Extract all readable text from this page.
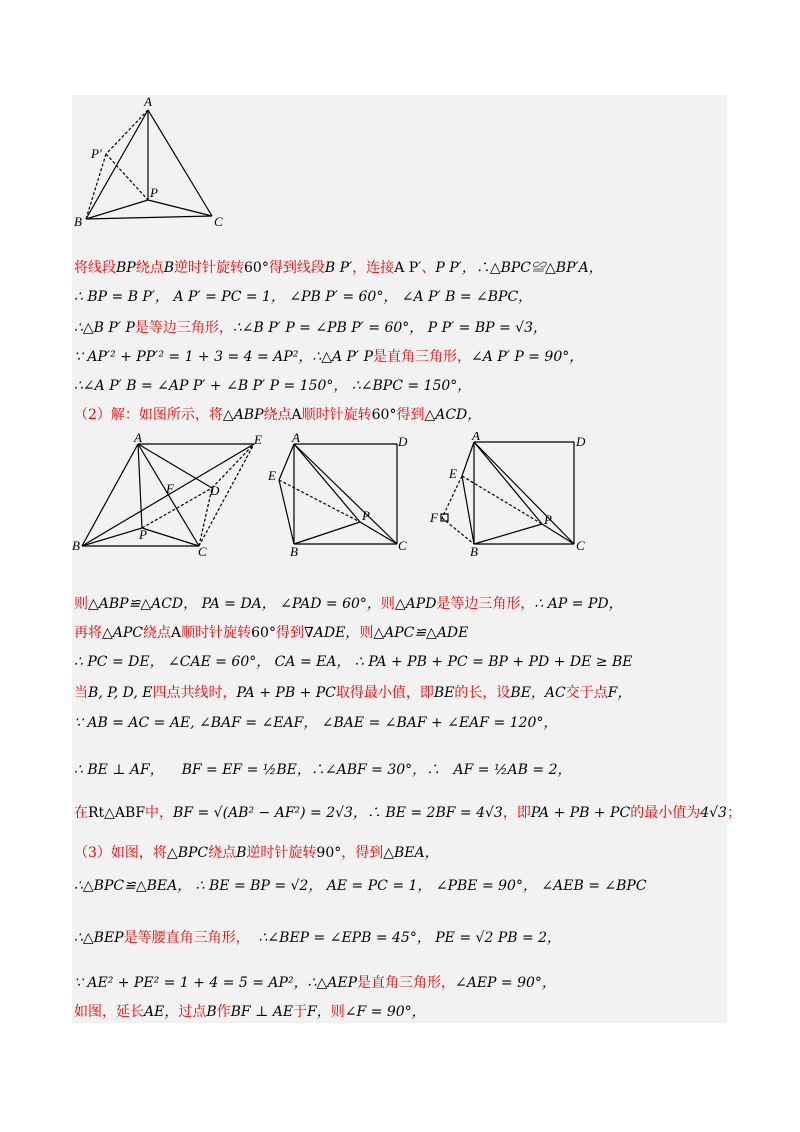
A
P'
P
B	C
将线段BP绕点B逆时针旋转60°得到线段B P′，连接A P′、P P′，∴△BPC≌△BP′A，
∴ BP = B P′， A P′ = PC = 1， ∠PB P′ = 60°， ∠A P′ B = ∠BPC，
∴△B P′ P是等边三角形，∴∠B P′ P = ∠PB P′ = 60°， P P′ = BP = √3，
∵ AP′² + PP′² = 1 + 3 = 4 = AP²，∴△A P′ P是直角三角形，∠A P′ P = 90°，
∴∠A P′ B = ∠AP P′ + ∠B P′ P = 150°， ∴∠BPC = 150°，
（2）解：如图所示，将△ABP绕点A顺时针旋转60°得到△ACD，
A	E
F	D
P
B	C
A	D
E
P
B	C
A	D
E
F	P
B	C
则△ABP≌△ACD， PA = DA， ∠PAD = 60°，则△APD是等边三角形，∴ AP = PD，
再将△APC绕点A顺时针旋转60°得到∇ADE，则△APC≌△ADE
∴ PC = DE， ∠CAE = 60°， CA = EA， ∴ PA + PB + PC = BP + PD + DE ≥ BE
当B, P, D, E四点共线时，PA + PB + PC取得最小值，即BE的长，设BE，AC交于点F，
∵ AB = AC = AE, ∠BAF = ∠EAF， ∠BAE = ∠BAF + ∠EAF = 120°，
∴ BE ⊥ AF， BF = EF = ½BE，∴∠ABF = 30°，∴ AF = ½AB = 2，
在Rt△ABF中，BF = √(AB² − AF²) = 2√3，∴ BE = 2BF = 4√3，即PA + PB + PC的最小值为4√3；
（3）如图，将△BPC绕点B逆时针旋转90°，得到△BEA，
∴△BPC≌△BEA， ∴ BE = BP = √2， AE = PC = 1， ∠PBE = 90°， ∠AEB = ∠BPC
∴△BEP是等腰直角三角形， ∴∠BEP = ∠EPB = 45°， PE = √2 PB = 2，
∵ AE² + PE² = 1 + 4 = 5 = AP²，∴△AEP是直角三角形，∠AEP = 90°，
如图，延长AE，过点B作BF ⊥ AE于F，则∠F = 90°，
